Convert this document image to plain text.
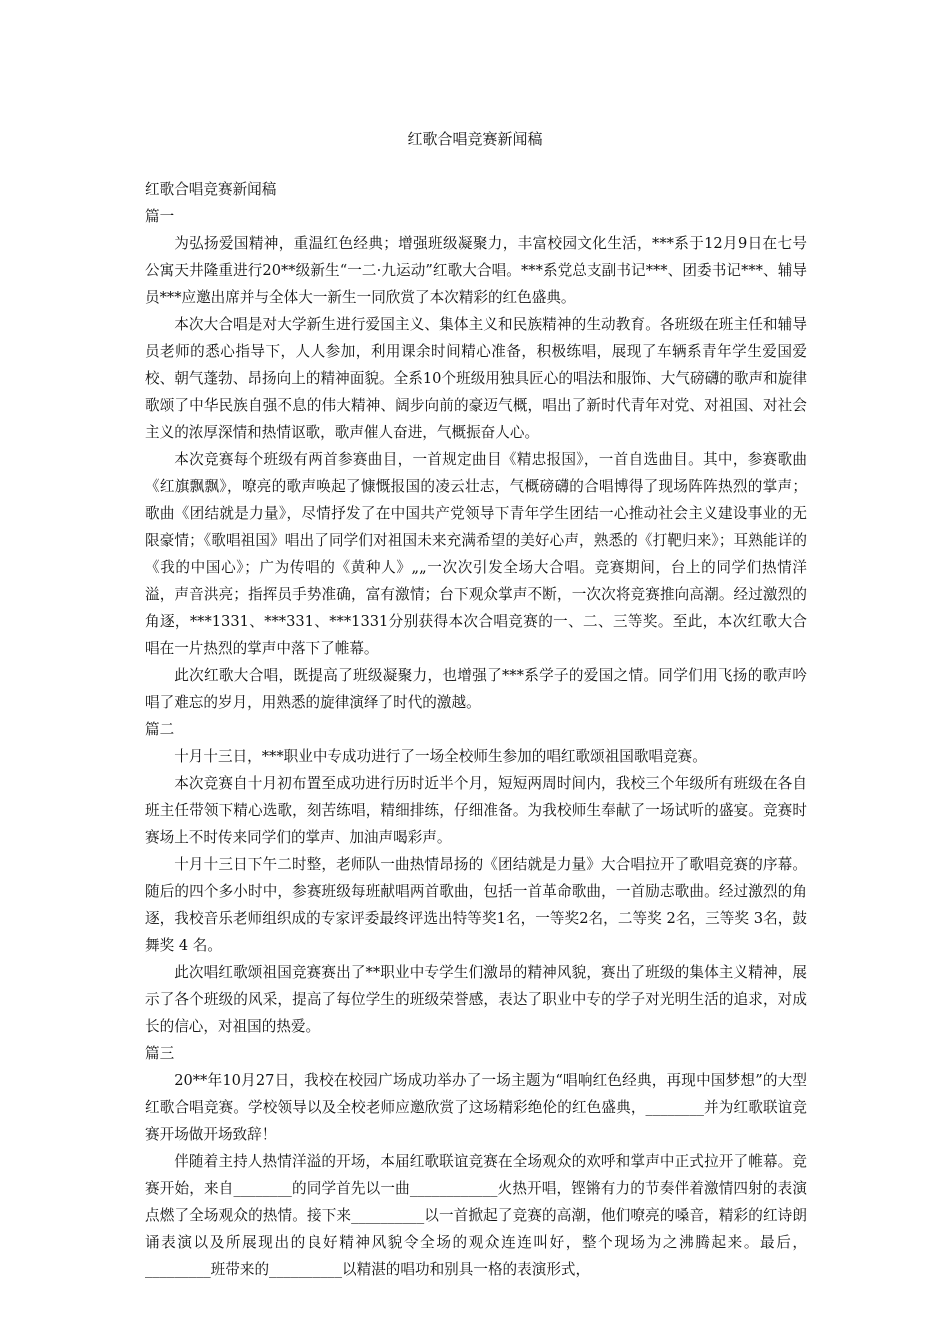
红歌合唱竞赛新闻稿

红歌合唱竞赛新闻稿

篇一

为弘扬爱国精神，重温红色经典；增强班级凝聚力，丰富校园文化生活，***系于12月9日在七号公寓天井隆重进行20**级新生“一二·九运动”红歌大合唱。***系党总支副书记***、团委书记***、辅导员***应邀出席并与全体大一新生一同欣赏了本次精彩的红色盛典。

本次大合唱是对大学新生进行爱国主义、集体主义和民族精神的生动教育。各班级在班主任和辅导员老师的悉心指导下，人人参加，利用课余时间精心准备，积极练唱，展现了车辆系青年学生爱国爱校、朝气蓬勃、昂扬向上的精神面貌。全系10个班级用独具匠心的唱法和服饰、大气磅礴的歌声和旋律歌颂了中华民族自强不息的伟大精神、阔步向前的豪迈气概，唱出了新时代青年对党、对祖国、对社会主义的浓厚深情和热情讴歌，歌声催人奋进，气概振奋人心。

本次竞赛每个班级有两首参赛曲目，一首规定曲目《精忠报国》，一首自选曲目。其中，参赛歌曲《红旗飘飘》，嘹亮的歌声唤起了慷慨报国的凌云壮志，气概磅礴的合唱博得了现场阵阵热烈的掌声；歌曲《团结就是力量》，尽情抒发了在中国共产党领导下青年学生团结一心推动社会主义建设事业的无限豪情；《歌唱祖国》唱出了同学们对祖国未来充满希望的美好心声，熟悉的《打靶归来》；耳熟能详的《我的中国心》；广为传唱的《黄种人》„„一次次引发全场大合唱。竞赛期间，台上的同学们热情洋溢，声音洪亮；指挥员手势准确，富有激情；台下观众掌声不断，一次次将竞赛推向高潮。经过激烈的角逐，***1331、***331、***1331分别获得本次合唱竞赛的一、二、三等奖。至此，本次红歌大合唱在一片热烈的掌声中落下了帷幕。

此次红歌大合唱，既提高了班级凝聚力，也增强了***系学子的爱国之情。同学们用飞扬的歌声吟唱了难忘的岁月，用熟悉的旋律演绎了时代的激越。

篇二

十月十三日，***职业中专成功进行了一场全校师生参加的唱红歌颂祖国歌唱竞赛。

本次竞赛自十月初布置至成功进行历时近半个月，短短两周时间内，我校三个年级所有班级在各自班主任带领下精心选歌，刻苦练唱，精细排练，仔细准备。为我校师生奉献了一场试听的盛宴。竞赛时赛场上不时传来同学们的掌声、加油声喝彩声。

十月十三日下午二时整，老师队一曲热情昂扬的《团结就是力量》大合唱拉开了歌唱竞赛的序幕。随后的四个多小时中，参赛班级每班献唱两首歌曲，包括一首革命歌曲，一首励志歌曲。经过激烈的角逐，我校音乐老师组织成的专家评委最终评选出特等奖1名，一等奖2名，二等奖 2名，三等奖 3名，鼓舞奖 4 名。

此次唱红歌颂祖国竞赛赛出了**职业中专学生们激昂的精神风貌，赛出了班级的集体主义精神，展示了各个班级的风采，提高了每位学生的班级荣誉感，表达了职业中专的学子对光明生活的追求，对成长的信心，对祖国的热爱。

篇三

20**年10月27日，我校在校园广场成功举办了一场主题为“唱响红色经典，再现中国梦想”的大型红歌合唱竞赛。学校领导以及全校老师应邀欣赏了这场精彩绝伦的红色盛典，________并为红歌联谊竞赛开场做开场致辞！

伴随着主持人热情洋溢的开场，本届红歌联谊竞赛在全场观众的欢呼和掌声中正式拉开了帷幕。竞赛开始，来自________的同学首先以一曲____________火热开唱，铿锵有力的节奏伴着激情四射的表演点燃了全场观众的热情。接下来__________以一首掀起了竞赛的高潮，他们嘹亮的嗓音，精彩的红诗朗诵表演以及所展现出的良好精神风貌令全场的观众连连叫好，整个现场为之沸腾起来。最后，_________班带来的__________以精湛的唱功和别具一格的表演形式，
